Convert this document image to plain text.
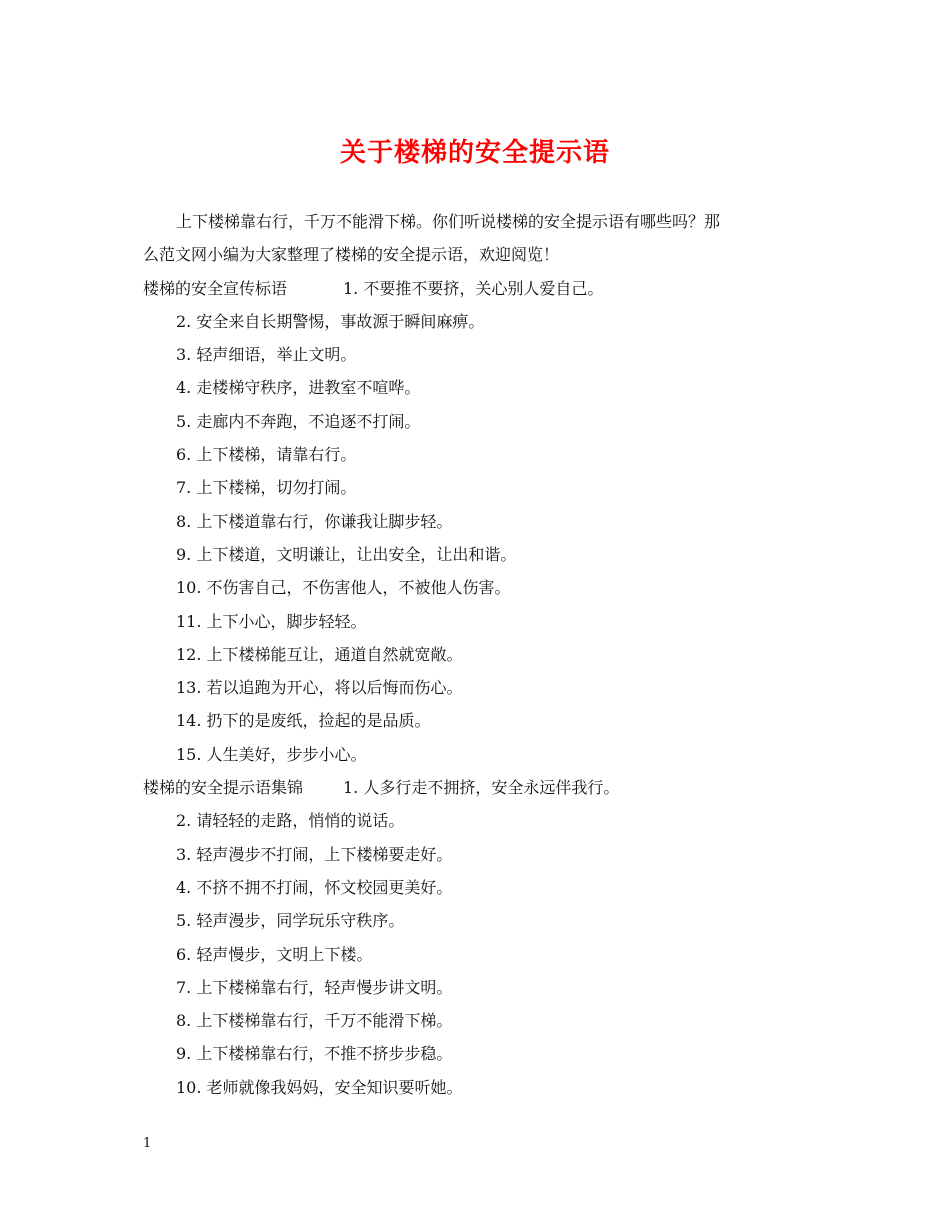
关于楼梯的安全提示语
上下楼梯靠右行，千万不能滑下梯。你们听说楼梯的安全提示语有哪些吗？那
么范文网小编为大家整理了楼梯的安全提示语，欢迎阅览！
楼梯的安全宣传标语	1. 不要推不要挤，关心别人爱自己。
2. 安全来自长期警惕，事故源于瞬间麻痹。
3. 轻声细语，举止文明。
4. 走楼梯守秩序，进教室不喧哗。
5. 走廊内不奔跑，不追逐不打闹。
6. 上下楼梯，请靠右行。
7. 上下楼梯，切勿打闹。
8. 上下楼道靠右行，你谦我让脚步轻。
9. 上下楼道，文明谦让，让出安全，让出和谐。
10. 不伤害自己，不伤害他人，不被他人伤害。
11. 上下小心，脚步轻轻。
12. 上下楼梯能互让，通道自然就宽敞。
13. 若以追跑为开心，将以后悔而伤心。
14. 扔下的是废纸，捡起的是品质。
15. 人生美好，步步小心。
楼梯的安全提示语集锦 1. 人多行走不拥挤，安全永远伴我行。
2. 请轻轻的走路，悄悄的说话。
3. 轻声漫步不打闹，上下楼梯要走好。
4. 不挤不拥不打闹，怀文校园更美好。
5. 轻声漫步，同学玩乐守秩序。
6. 轻声慢步，文明上下楼。
7. 上下楼梯靠右行，轻声慢步讲文明。
8. 上下楼梯靠右行，千万不能滑下梯。
9. 上下楼梯靠右行，不推不挤步步稳。
10. 老师就像我妈妈，安全知识要听她。
1
